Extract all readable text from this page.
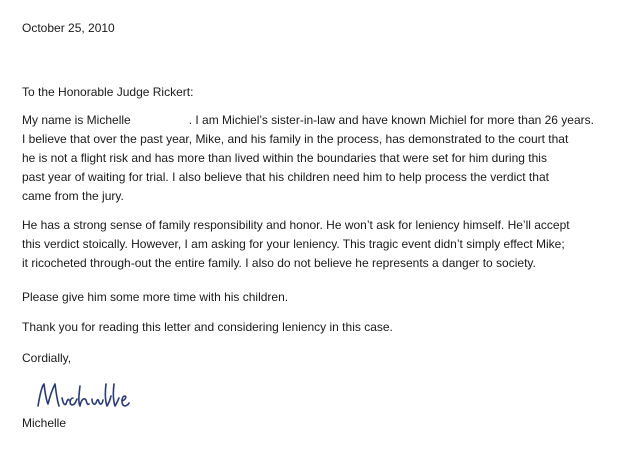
October 25, 2010
To the Honorable Judge Rickert:
My name is Michelle	. I am Michiel’s sister-in-law and have known Michiel for more than 26 years.
I believe that over the past year, Mike, and his family in the process, has demonstrated to the court that
he is not a flight risk and has more than lived within the boundaries that were set for him during this
past year of waiting for trial. I also believe that his children need him to help process the verdict that
came from the jury.
He has a strong sense of family responsibility and honor. He won’t ask for leniency himself. He’ll accept
this verdict stoically. However, I am asking for your leniency. This tragic event didn’t simply effect Mike;
it ricocheted through-out the entire family. I also do not believe he represents a danger to society.
Please give him some more time with his children.
Thank you for reading this letter and considering leniency in this case.
Cordially,
Michelle
